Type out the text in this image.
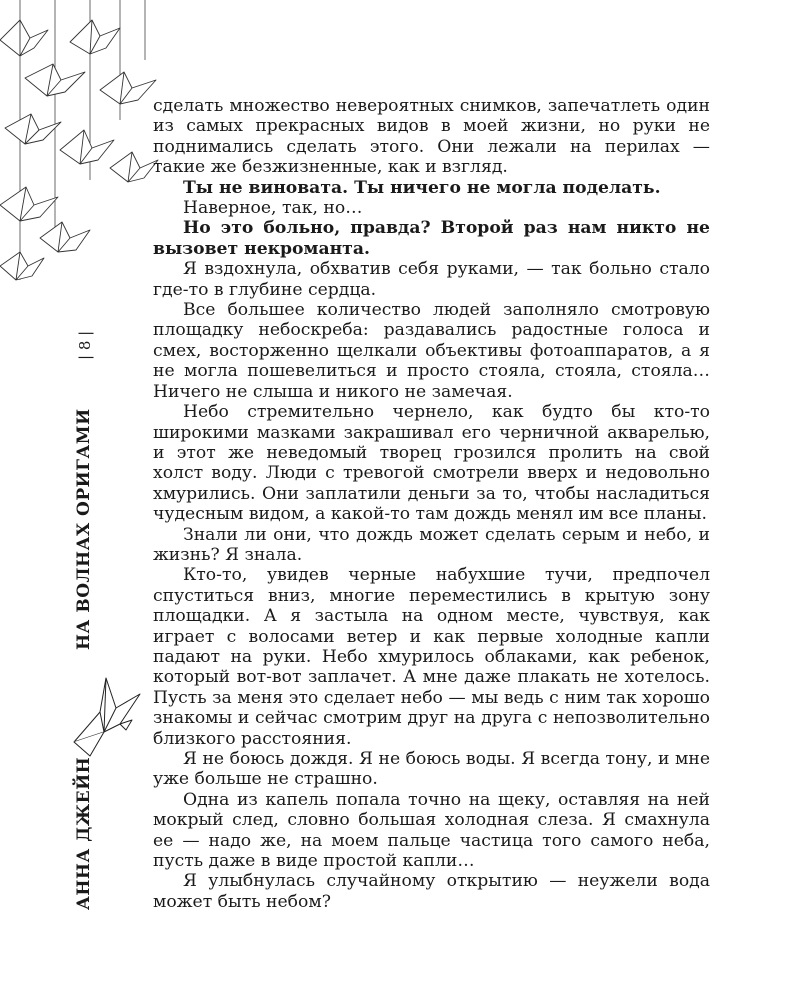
| 8 |
НА ВОЛНАХ ОРИГАМИ
АННА ДЖЕЙН

сделать множество невероятных снимков, запечатлеть один из самых прекрасных видов в моей жизни, но руки не поднимались сделать этого. Они лежали на перилах — такие же безжизненные, как и взгляд.

Ты не виновата. Ты ничего не могла поделать.

Наверное, так, но…

Но это больно, правда? Второй раз нам никто не вызовет некроманта.

Я вздохнула, обхватив себя руками, — так больно стало где-то в глубине сердца.

Все большее количество людей заполняло смотровую площадку небоскреба: раздавались радостные голоса и смех, восторженно щелкали объективы фотоаппаратов, а я не могла пошевелиться и просто стояла, стояла, стояла… Ничего не слыша и никого не замечая.

Небо стремительно чернело, как будто бы кто-то широкими мазками закрашивал его черничной акварелью, и этот же неведомый творец грозился пролить на свой холст воду. Люди с тревогой смотрели вверх и недовольно хмурились. Они заплатили деньги за то, чтобы насладиться чудесным видом, а какой-то там дождь менял им все планы.

Знали ли они, что дождь может сделать серым и небо, и жизнь? Я знала.

Кто-то, увидев черные набухшие тучи, предпочел спуститься вниз, многие переместились в крытую зону площадки. А я застыла на одном месте, чувствуя, как играет с волосами ветер и как первые холодные капли падают на руки. Небо хмурилось облаками, как ребенок, который вот-вот заплачет. А мне даже плакать не хотелось. Пусть за меня это сделает небо — мы ведь с ним так хорошо знакомы и сейчас смотрим друг на друга с непозволительно близкого расстояния.

Я не боюсь дождя. Я не боюсь воды. Я всегда тону, и мне уже больше не страшно.

Одна из капель попала точно на щеку, оставляя на ней мокрый след, словно большая холодная слеза. Я смахнула ее — надо же, на моем пальце частица того самого неба, пусть даже в виде простой капли…

Я улыбнулась случайному открытию — неужели вода может быть небом?
